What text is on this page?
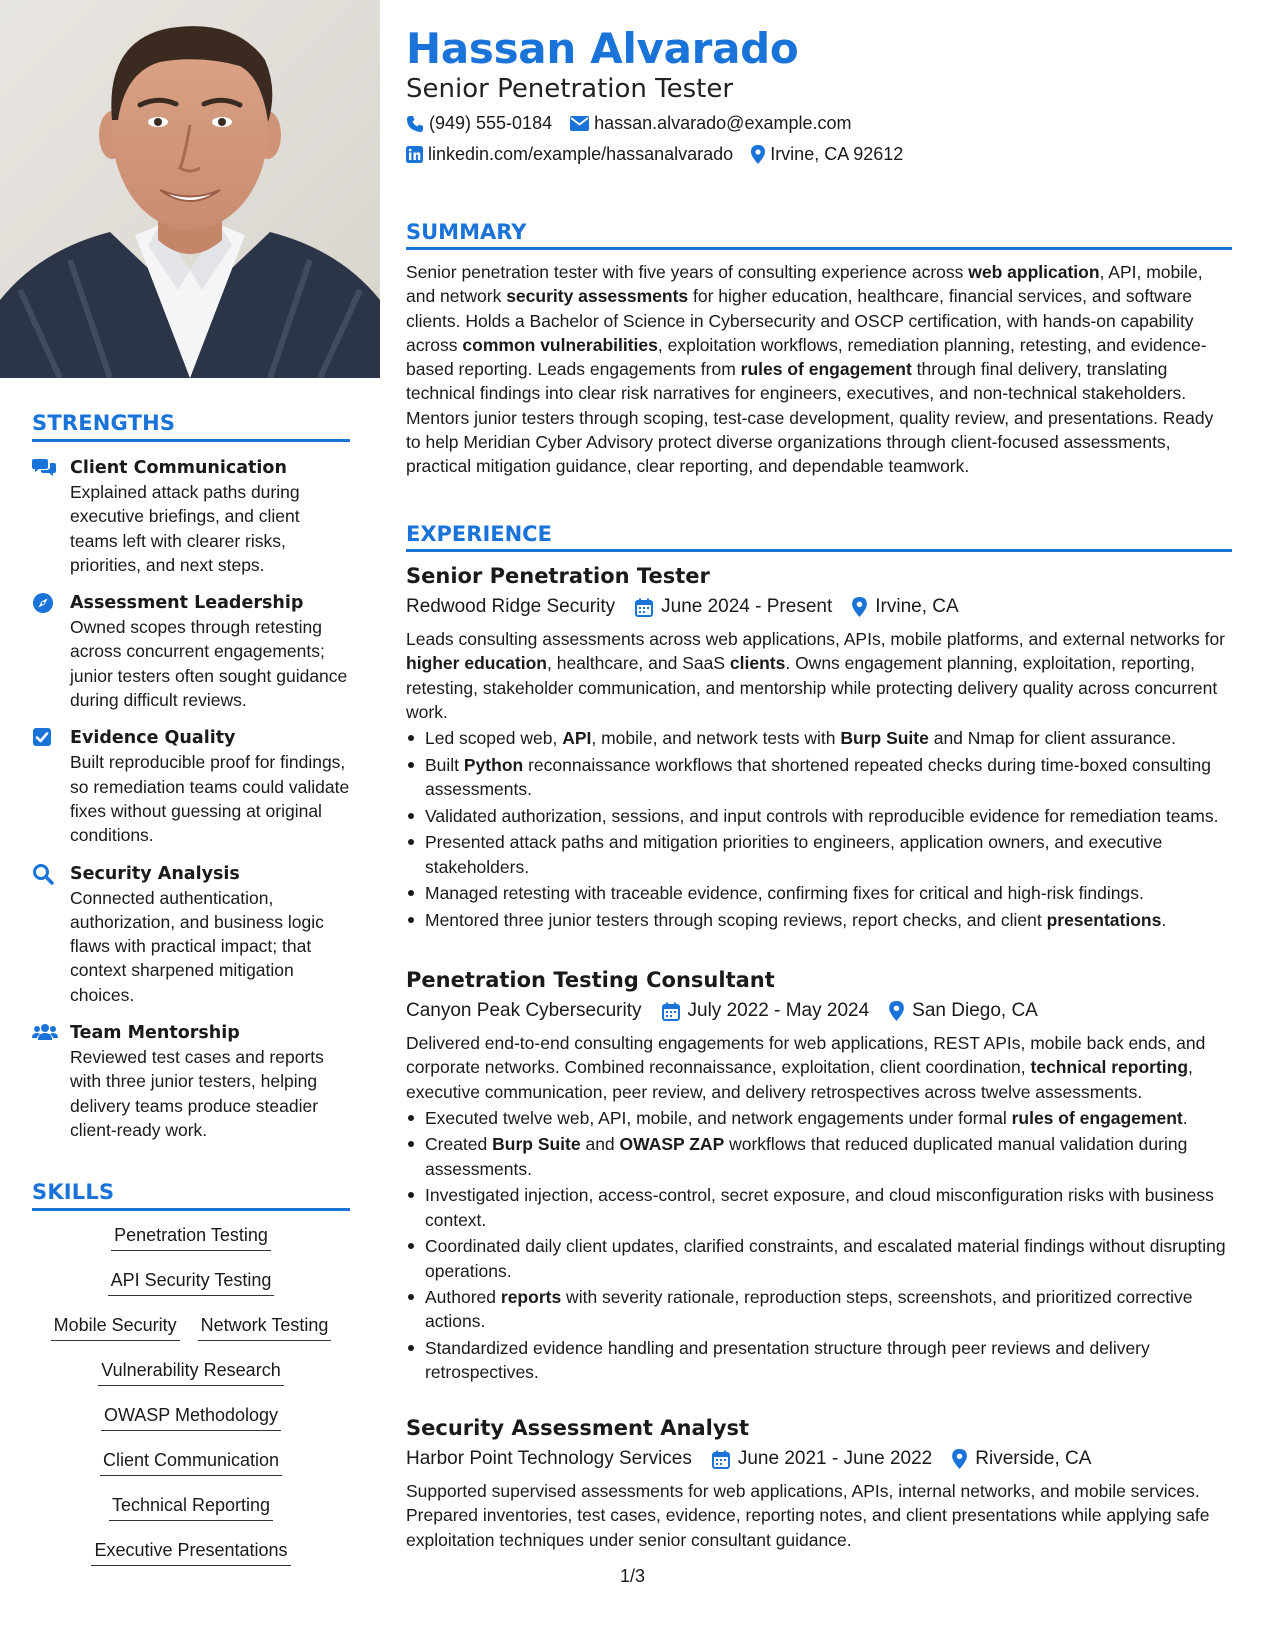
STRENGTHS
Client Communication
Explained attack paths during executive briefings, and client teams left with clearer risks, priorities, and next steps.
Assessment Leadership
Owned scopes through retesting across concurrent engagements; junior testers often sought guidance during difficult reviews.
Evidence Quality
Built reproducible proof for findings, so remediation teams could validate fixes without guessing at original conditions.
Security Analysis
Connected authentication, authorization, and business logic flaws with practical impact; that context sharpened mitigation choices.
Team Mentorship
Reviewed test cases and reports with three junior testers, helping delivery teams produce steadier client-ready work.
SKILLS
Penetration Testing
API Security Testing
Mobile Security Network Testing
Vulnerability Research
OWASP Methodology
Client Communication
Technical Reporting
Executive Presentations
Hassan Alvarado
Senior Penetration Tester
(949) 555-0184 hassan.alvarado@example.com
linkedin.com/example/hassanalvarado Irvine, CA 92612
SUMMARY
Senior penetration tester with five years of consulting experience across web application, API, mobile, and network security assessments for higher education, healthcare, financial services, and software clients. Holds a Bachelor of Science in Cybersecurity and OSCP certification, with hands-on capability across common vulnerabilities, exploitation workflows, remediation planning, retesting, and evidence-based reporting. Leads engagements from rules of engagement through final delivery, translating technical findings into clear risk narratives for engineers, executives, and non-technical stakeholders. Mentors junior testers through scoping, test-case development, quality review, and presentations. Ready to help Meridian Cyber Advisory protect diverse organizations through client-focused assessments, practical mitigation guidance, clear reporting, and dependable teamwork.
EXPERIENCE
Senior Penetration Tester
Redwood Ridge Security June 2024 - Present Irvine, CA
Leads consulting assessments across web applications, APIs, mobile platforms, and external networks for higher education, healthcare, and SaaS clients. Owns engagement planning, exploitation, reporting, retesting, stakeholder communication, and mentorship while protecting delivery quality across concurrent work.
Led scoped web, API, mobile, and network tests with Burp Suite and Nmap for client assurance.
Built Python reconnaissance workflows that shortened repeated checks during time-boxed consulting assessments.
Validated authorization, sessions, and input controls with reproducible evidence for remediation teams.
Presented attack paths and mitigation priorities to engineers, application owners, and executive stakeholders.
Managed retesting with traceable evidence, confirming fixes for critical and high-risk findings.
Mentored three junior testers through scoping reviews, report checks, and client presentations.
Penetration Testing Consultant
Canyon Peak Cybersecurity July 2022 - May 2024 San Diego, CA
Delivered end-to-end consulting engagements for web applications, REST APIs, mobile back ends, and corporate networks. Combined reconnaissance, exploitation, client coordination, technical reporting, executive communication, peer review, and delivery retrospectives across twelve assessments.
Executed twelve web, API, mobile, and network engagements under formal rules of engagement.
Created Burp Suite and OWASP ZAP workflows that reduced duplicated manual validation during assessments.
Investigated injection, access-control, secret exposure, and cloud misconfiguration risks with business context.
Coordinated daily client updates, clarified constraints, and escalated material findings without disrupting operations.
Authored reports with severity rationale, reproduction steps, screenshots, and prioritized corrective actions.
Standardized evidence handling and presentation structure through peer reviews and delivery retrospectives.
Security Assessment Analyst
Harbor Point Technology Services June 2021 - June 2022 Riverside, CA
Supported supervised assessments for web applications, APIs, internal networks, and mobile services. Prepared inventories, test cases, evidence, reporting notes, and client presentations while applying safe exploitation techniques under senior consultant guidance.
1/3
